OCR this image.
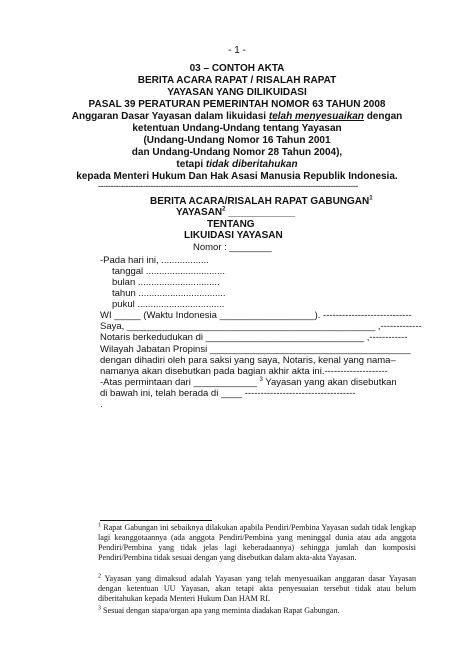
- 1 -
03 – CONTOH AKTA
BERITA ACARA RAPAT / RISALAH RAPAT
YAYASAN YANG DILIKUIDASI
PASAL 39 PERATURAN PEMERINTAH NOMOR 63 TAHUN 2008
Anggaran Dasar Yayasan dalam likuidasi telah menyesuaikan dengan
ketentuan Undang-Undang tentang Yayasan
(Undang-Undang Nomor 16 Tahun 2001
dan Undang-Undang Nomor 28 Tahun 2004),
tetapi tidak diberitahukan
kepada Menteri Hukum Dan Hak Asasi Manusia Republik Indonesia.
--------------------------------------------------------------------------------------------------------
BERITA ACARA/RISALAH RAPAT GABUNGAN$^1$
YAYASAN$^2$ ____________
TENTANG
LIKUIDASI YAYASAN
Nomor : ________
-Pada hari ini, ..................
tanggal ..............................
bulan ...............................
tahun .................................
pukul .................................
WI _____ (Waktu Indonesia __________________). ----------------------------
Saya, _______________________________________________ ,-------------
Notaris berkedudukan di ______________________________ ,------------
Wilayah Jabatan Propinsi ______________________________________
dengan dihadiri oleh para saksi yang saya, Notaris, kenal yang nama–
namanya akan disebutkan pada bagian akhir akta ini.--------------------
-Atas permintaan dari ____________ $^3$ Yayasan yang akan disebutkan
di bawah ini, telah berada di ____ -----------------------------------
.
$^1$ Rapat Gabungan ini sebaiknya dilakukan apabila Pendiri/Pembina Yayasan sudah tidak lengkap lagi keanggotaannya (ada anggota Pendiri/Pembina yang meninggal dunia atau ada anggota Pendiri/Pembina yang tidak jelas lagi keberadaannya) sehingga jumlah dan komposisi Pendiri/Pembina tidak sesuai dengan yang disebutkan dalam akta-akta Yayasan.
$^2$ Yayasan yang dimaksud adalah Yayasan yang telah menyesuaikan anggaran dasar Yayasan dengan ketentuan UU Yayasan, akan tetapi akta penyesuaian tersebut tidak atau belum diberitahukan kepada Menteri Hukum Dan HAM RI.
$^3$ Sesuai dengan siapa/organ apa yang meminta diadakan Rapat Gabungan.
